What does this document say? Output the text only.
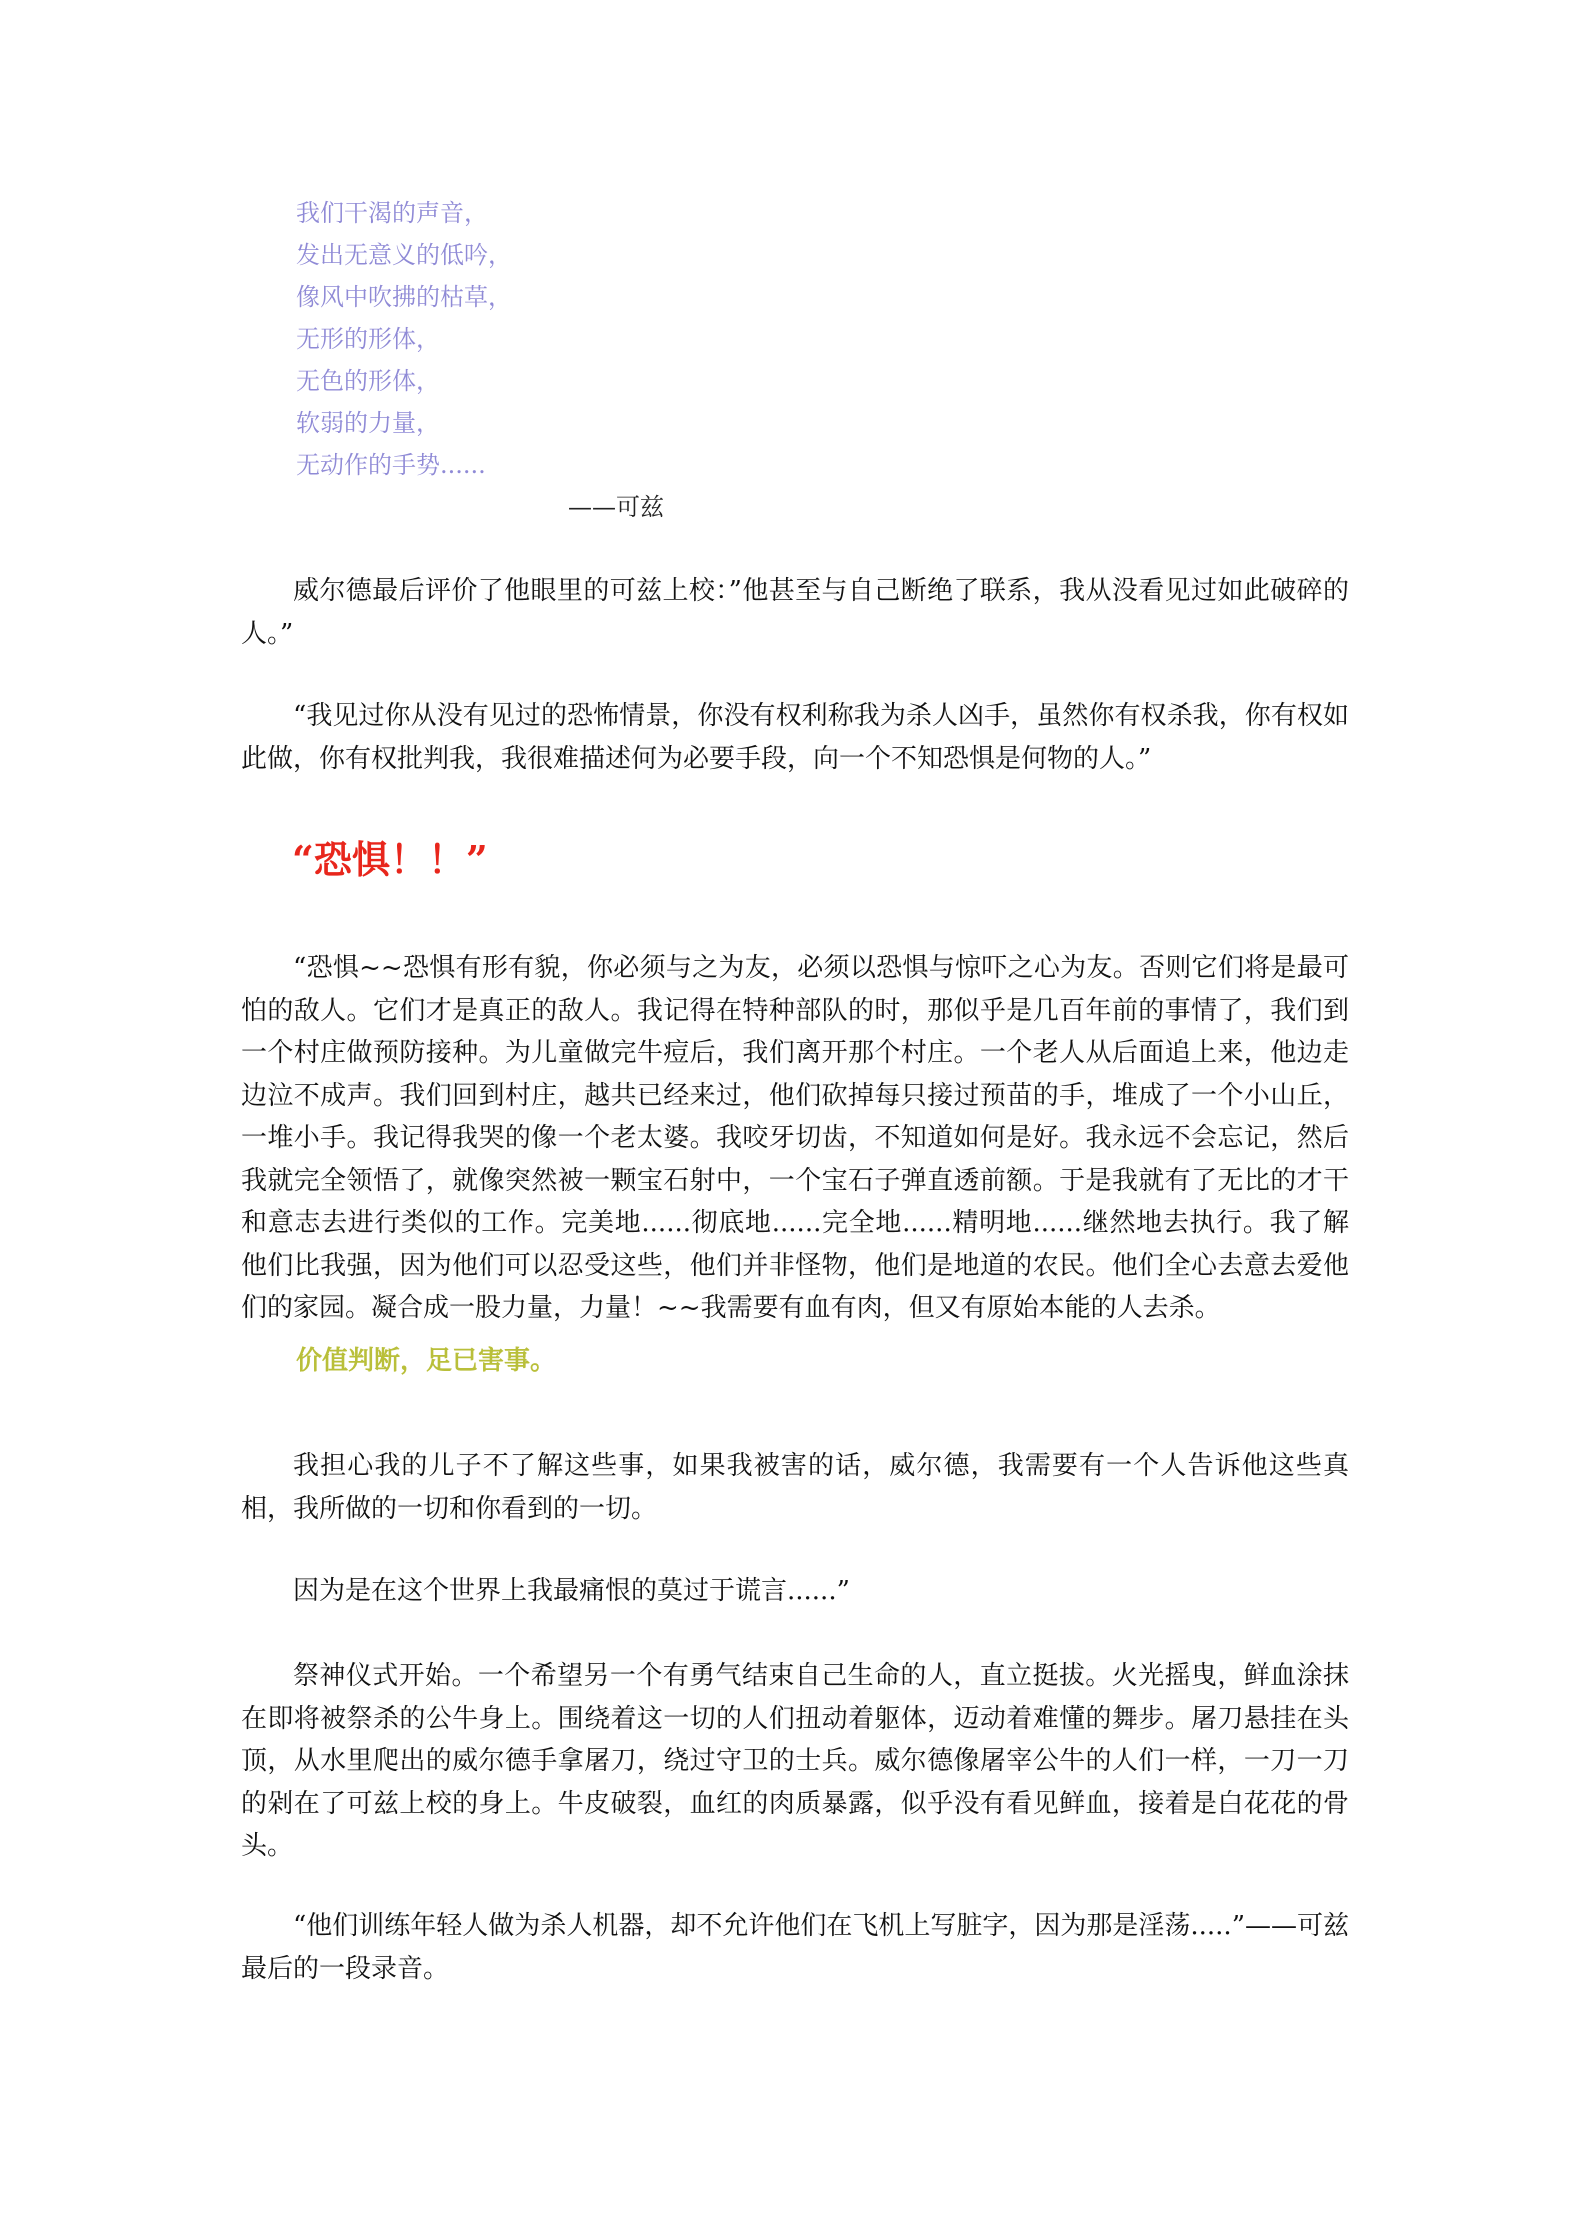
我们干渴的声音，
发出无意义的低吟，
像风中吹拂的枯草，
无形的形体，
无色的形体，
软弱的力量，
无动作的手势......
——可兹

威尔德最后评价了他眼里的可兹上校：”他甚至与自己断绝了联系，我从没看见过如此破碎的人。”

“我见过你从没有见过的恐怖情景，你没有权利称我为杀人凶手，虽然你有权杀我，你有权如此做，你有权批判我，我很难描述何为必要手段，向一个不知恐惧是何物的人。”

“恐惧！！”

“恐惧~~恐惧有形有貌，你必须与之为友，必须以恐惧与惊吓之心为友。否则它们将是最可怕的敌人。它们才是真正的敌人。我记得在特种部队的时，那似乎是几百年前的事情了，我们到一个村庄做预防接种。为儿童做完牛痘后，我们离开那个村庄。一个老人从后面追上来，他边走边泣不成声。我们回到村庄，越共已经来过，他们砍掉每只接过预苗的手，堆成了一个小山丘，一堆小手。我记得我哭的像一个老太婆。我咬牙切齿，不知道如何是好。我永远不会忘记，然后我就完全领悟了，就像突然被一颗宝石射中，一个宝石子弹直透前额。于是我就有了无比的才干和意志去进行类似的工作。完美地......彻底地......完全地......精明地......继然地去执行。我了解他们比我强，因为他们可以忍受这些，他们并非怪物，他们是地道的农民。他们全心去意去爱他们的家园。凝合成一股力量，力量！~~我需要有血有肉，但又有原始本能的人去杀。

价值判断，足已害事。

我担心我的儿子不了解这些事，如果我被害的话，威尔德，我需要有一个人告诉他这些真相，我所做的一切和你看到的一切。

因为是在这个世界上我最痛恨的莫过于谎言......”

祭神仪式开始。一个希望另一个有勇气结束自己生命的人，直立挺拔。火光摇曳，鲜血涂抹在即将被祭杀的公牛身上。围绕着这一切的人们扭动着躯体，迈动着难懂的舞步。屠刀悬挂在头顶，从水里爬出的威尔德手拿屠刀，绕过守卫的士兵。威尔德像屠宰公牛的人们一样，一刀一刀的剁在了可兹上校的身上。牛皮破裂，血红的肉质暴露，似乎没有看见鲜血，接着是白花花的骨头。

“他们训练年轻人做为杀人机器，却不允许他们在飞机上写脏字，因为那是淫荡.....”——可兹最后的一段录音。
